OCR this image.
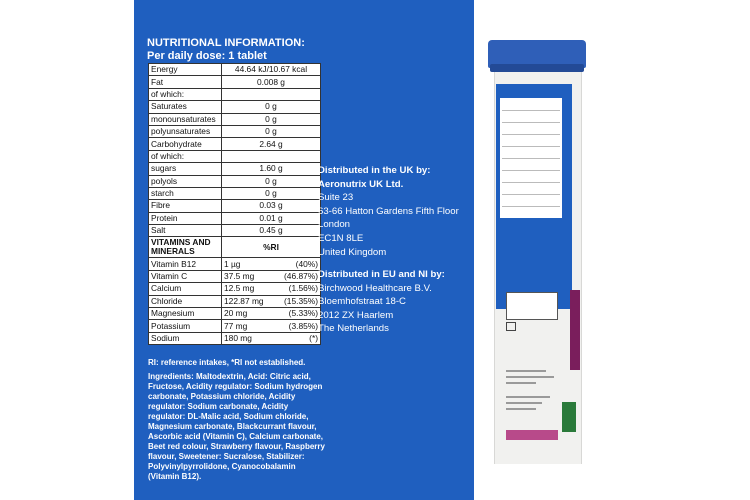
NUTRITIONAL INFORMATION:
Per daily dose: 1 tablet
Energy	44.64 kJ/10.67 kcal	
Fat	0.008 g	
of which:		
Saturates	0 g	
monounsaturates	0 g	
polyunsaturates	0 g	
Carbohydrate	2.64 g	
of which:		
sugars	1.60 g	
polyols	0 g	
starch	0 g	
Fibre	0.03 g	
Protein	0.01 g	
Salt	0.45 g	
VITAMINS AND MINERALS	%RI	
Vitamin B12	1 µg	(40%)
Vitamin C	37.5 mg	(46.87%)
Calcium	12.5 mg	(1.56%)
Chloride	122.87 mg	(15.35%)
Magnesium	20 mg	(5.33%)
Potassium	77 mg	(3.85%)
Sodium	180 mg	(*)
RI: reference intakes, *RI not established.
Ingredients: Maltodextrin, Acid: Citric acid, Fructose, Acidity regulator: Sodium hydrogen carbonate, Potassium chloride, Acidity regulator: Sodium carbonate, Acidity regulator: DL-Malic acid, Sodium chloride, Magnesium carbonate, Blackcurrant flavour, Ascorbic acid (Vitamin C), Calcium carbonate, Beet red colour, Strawberry flavour, Raspberry flavour, Sweetener: Sucralose, Stabilizer: Polyvinylpyrrolidone, Cyanocobalamin (Vitamin B12).
Distributed in the UK by:
Aeronutrix UK Ltd.
Suite 23
63-66 Hatton Gardens Fifth Floor
London
EC1N 8LE
United Kingdom
Distributed in EU and NI by:
Birchwood Healthcare B.V.
Bloemhofstraat 18-C
2012 ZX Haarlem
The Netherlands
